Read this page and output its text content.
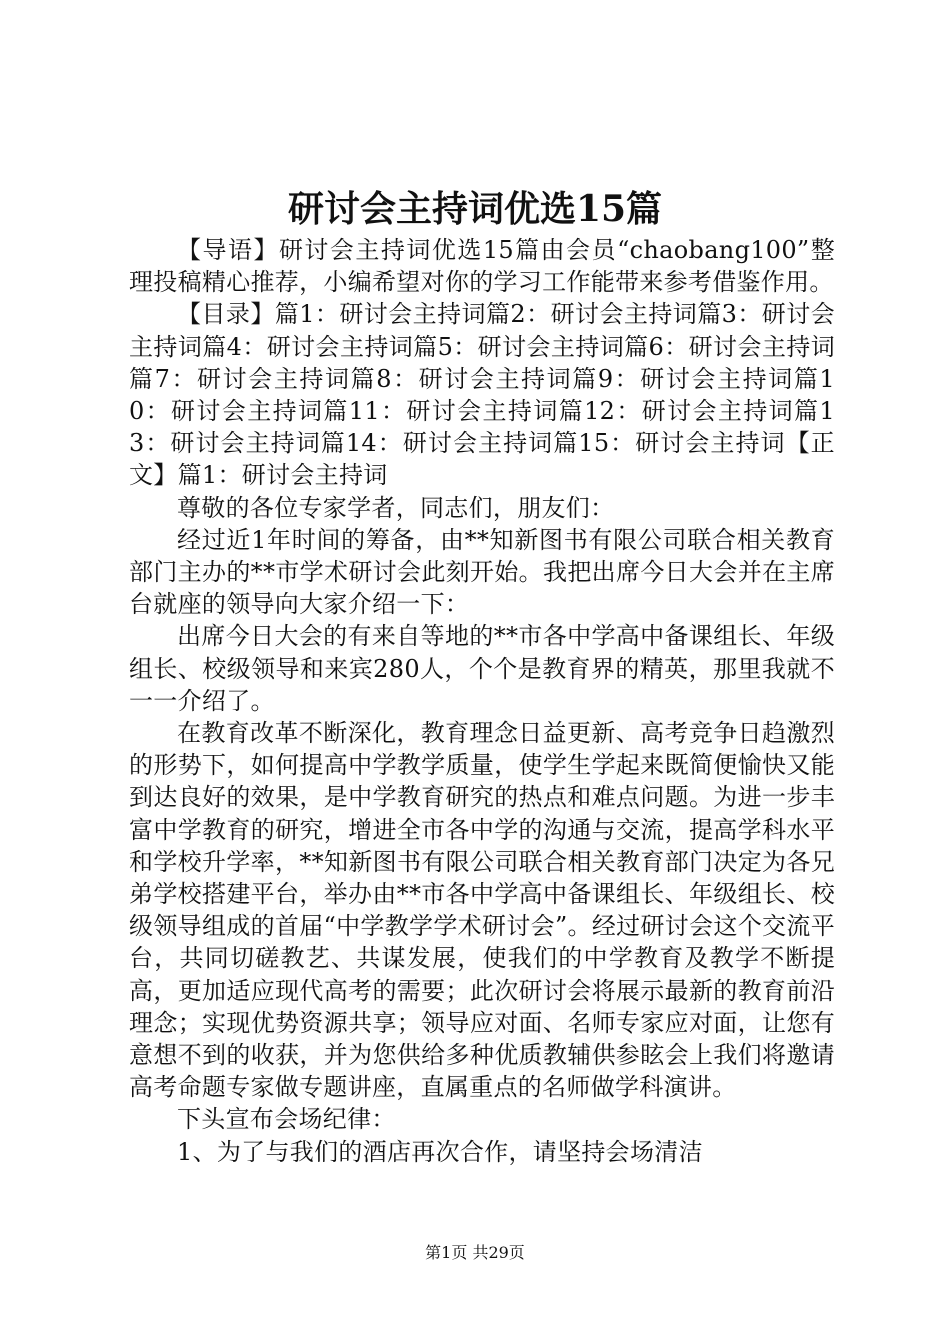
研讨会主持词优选15篇

【导语】研讨会主持词优选15篇由会员“chaobang100”整理投稿精心推荐，小编希望对你的学习工作能带来参考借鉴作用。

【目录】篇1：研讨会主持词篇2：研讨会主持词篇3：研讨会主持词篇4：研讨会主持词篇5：研讨会主持词篇6：研讨会主持词篇7：研讨会主持词篇8：研讨会主持词篇9：研讨会主持词篇10：研讨会主持词篇11：研讨会主持词篇12：研讨会主持词篇13：研讨会主持词篇14：研讨会主持词篇15：研讨会主持词【正文】篇1：研讨会主持词

尊敬的各位专家学者，同志们，朋友们：

经过近1年时间的筹备，由**知新图书有限公司联合相关教育部门主办的**市学术研讨会此刻开始。我把出席今日大会并在主席台就座的领导向大家介绍一下：

出席今日大会的有来自等地的**市各中学高中备课组长、年级组长、校级领导和来宾280人，个个是教育界的精英，那里我就不一一介绍了。

在教育改革不断深化，教育理念日益更新、高考竞争日趋激烈的形势下，如何提高中学教学质量，使学生学起来既简便愉快又能到达良好的效果，是中学教育研究的热点和难点问题。为进一步丰富中学教育的研究，增进全市各中学的沟通与交流，提高学科水平和学校升学率，**知新图书有限公司联合相关教育部门决定为各兄弟学校搭建平台，举办由**市各中学高中备课组长、年级组长、校级领导组成的首届“中学教学学术研讨会”。经过研讨会这个交流平台，共同切磋教艺、共谋发展，使我们的中学教育及教学不断提高，更加适应现代高考的需要；此次研讨会将展示最新的教育前沿理念；实现优势资源共享；领导应对面、名师专家应对面，让您有意想不到的收获，并为您供给多种优质教辅供参眩会上我们将邀请高考命题专家做专题讲座，直属重点的名师做学科演讲。

下头宣布会场纪律：

1、为了与我们的酒店再次合作，请坚持会场清洁

第1页 共29页
